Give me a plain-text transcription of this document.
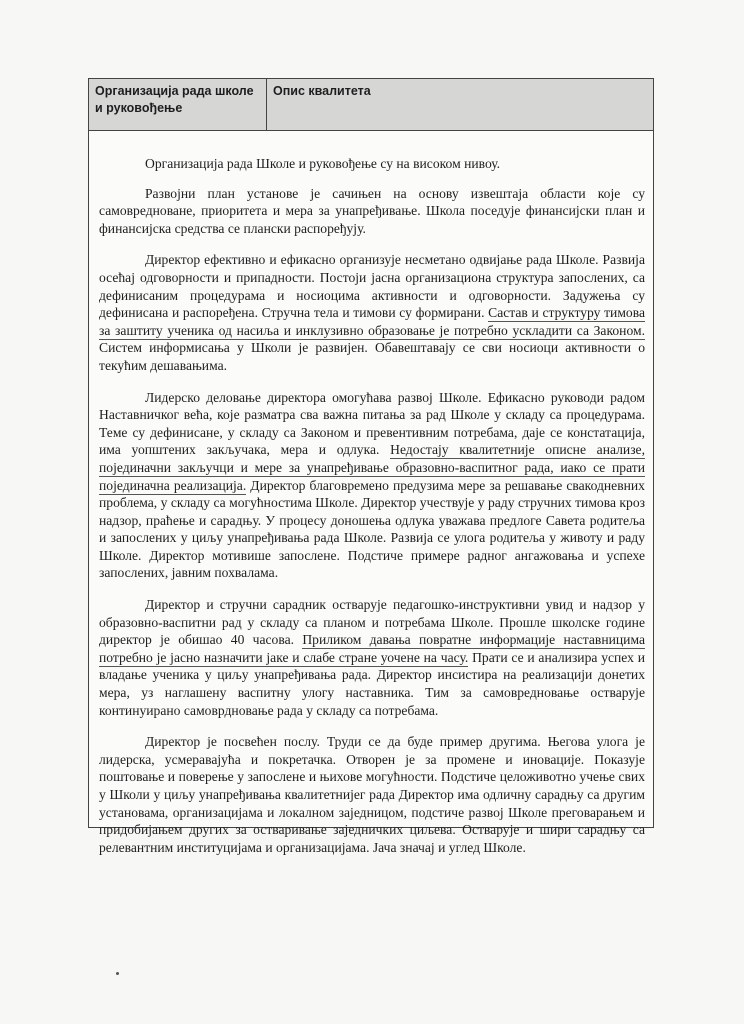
Организација рада школе и руковођење
Опис квалитета

Организација рада Школе и руковођење су на високом нивоу.

Развојни план установе је сачињен на основу извештаја области које су самовредноване, приоритета и мера за унапређивање. Школа поседује финансијски план и финансијска средства се плански распоређују.

Директор ефективно и ефикасно организује несметано одвијање рада Школе. Развија осећај одговорности и припадности. Постоји јасна организациона структура запослених, са дефинисаним процедурама и носиоцима активности и одговорности. Задужења су дефинисана и распоређена. Стручна тела и тимови су формирани. Састав и структуру тимова за заштиту ученика од насиља и инклузивно образовање је потребно ускладити са Законом. Систем информисања у Школи је развијен. Обавештавају се сви носиоци активности о текућим дешавањима.

Лидерско деловање директора омогућава развој Школе. Ефикасно руководи радом Наставничког већа, које разматра сва важна питања за рад Школе у складу са процедурама. Теме су дефинисане, у складу са Законом и превентивним потребама, даје се констатација, има уопштених закључака, мера и одлука. Недостају квалитетније описне анализе, појединачни закључци и мере за унапређивање образовно-васпитног рада, иако се прати појединачна реализација. Директор благовремено предузима мере за решавање свакодневних проблема, у складу са могућностима Школе. Директор учествује у раду стручних тимова кроз надзор, праћење и сарадњу. У процесу доношења одлука уважава предлоге Савета родитеља и запослених у циљу унапређивања рада Школе. Развија се улога родитеља у животу и раду Школе. Директор мотивише запослене. Подстиче примере радног ангажовања и успехе запослених, јавним похвалама.

Директор и стручни сарадник остварује педагошко-инструктивни увид и надзор у образовно-васпитни рад у складу са планом и потребама Школе. Прошле школске године директор је обишао 40 часова. Приликом давања повратне информације наставницима потребно је јасно назначити јаке и слабе стране уочене на часу. Прати се и анализира успех и владање ученика у циљу унапређивања рада. Директор инсистира на реализацији донетих мера, уз наглашену васпитну улогу наставника. Тим за самовредновање остварује континуирано самоврдновање рада у складу са потребама.

Директор је посвећен послу. Труди се да буде пример другима. Његова улога је лидерска, усмеравајућа и покретачка. Отворен је за промене и иновације. Показује поштовање и поверење у запослене и њихове могућности. Подстиче целоживотно учење свих у Школи у циљу унапређивања квалитетнијег рада Директор има одличну сарадњу са другим установама, организацијама и локалном заједницом, подстиче развој Школе преговарањем и придобијањем других за остваривање заједничких циљева. Остварује и шири сарадњу са релевантним институцијама и организацијама. Јача значај и углед Школе.
